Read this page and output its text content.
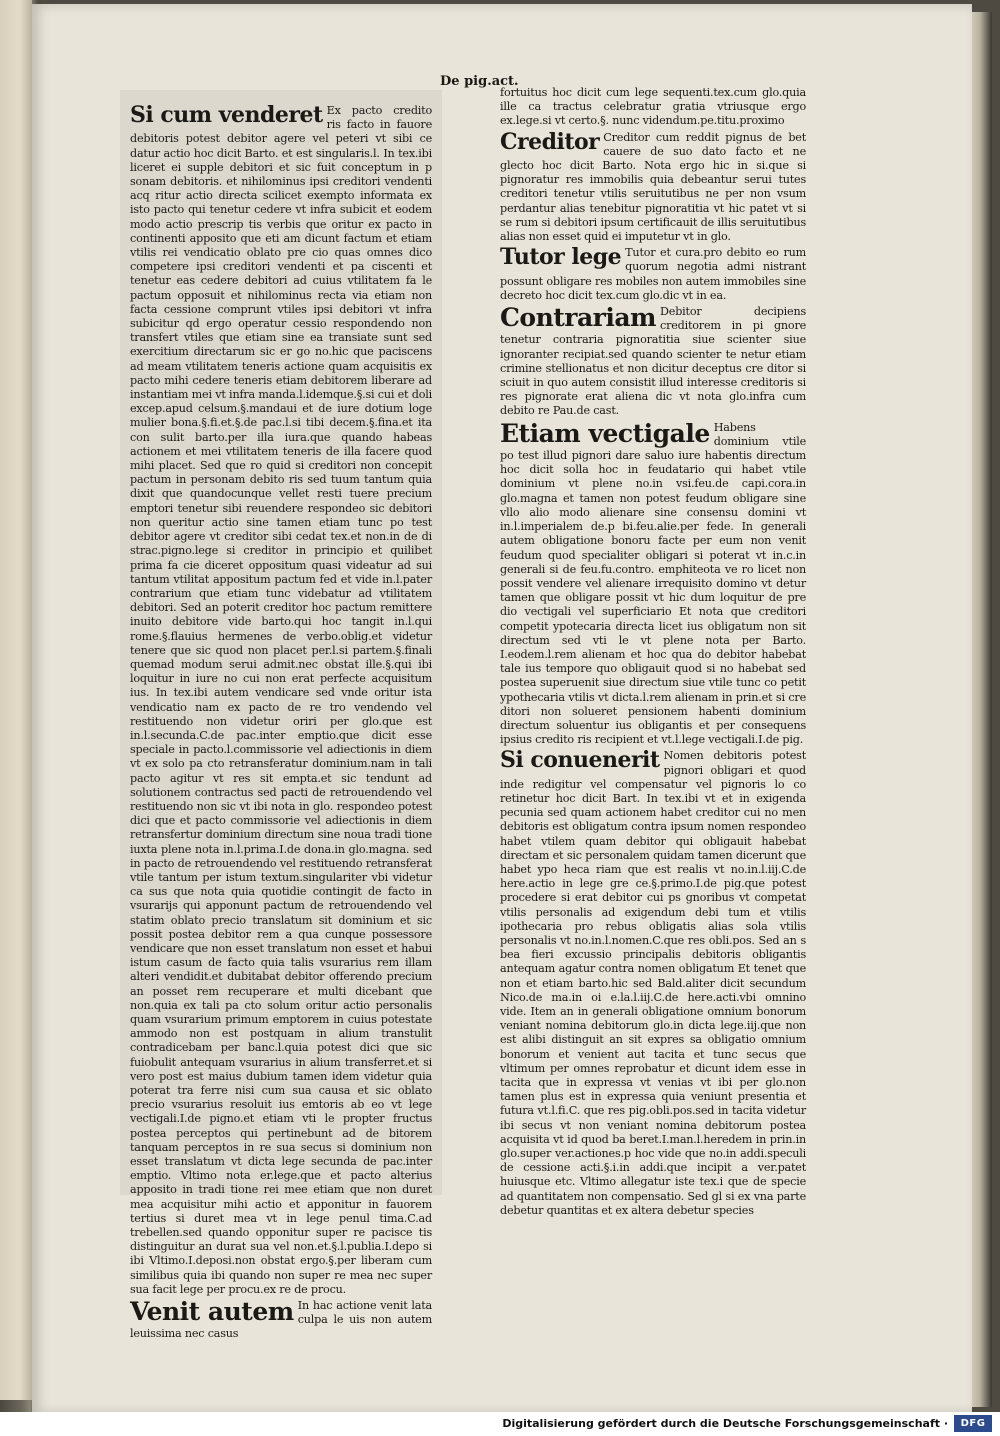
De pig.act.
Si cum venderet Ex pacto credito ris facto in fauore debitoris potest debitor agere vel peteri vt sibi ce datur actio hoc dicit Barto. et est singularis.l. In tex.ibi liceret ei supple debitori et sic fuit conceptum in p sonam debitoris. et nihilominus ipsi creditori vendenti acq ritur actio directa scilicet exempto informata ex isto pacto qui tenetur cedere vt infra subicit et eodem modo actio prescrip tis verbis que oritur ex pacto in continenti apposito que eti am dicunt factum et etiam vtilis rei vendicatio oblato pre cio quas omnes dico competere ipsi creditori vendenti et pa ciscenti et tenetur eas cedere debitori ad cuius vtilitatem fa le pactum opposuit et nihilominus recta via etiam non facta cessione comprunt vtiles ipsi debitori vt infra subicitur qd ergo operatur cessio respondendo non transfert vtiles que etiam sine ea transiate sunt sed exercitium directarum sic er go no.hic que paciscens ad meam vtilitatem teneris actione quam acquisitis ex pacto mihi cedere teneris etiam debitorem liberare ad instantiam mei vt infra manda.l.idemque.§.si cui et doli excep.apud celsum.§.mandaui et de iure dotium loge mulier bona.§.fi.et.§.de pac.l.si tibi decem.§.fina.et ita con sulit barto.per illa iura.que quando habeas actionem et mei vtilitatem teneris de illa facere quod mihi placet. Sed que ro quid si creditori non concepit pactum in personam debito ris sed tuum tantum quia dixit que quandocunque vellet resti tuere precium emptori tenetur sibi reuendere respondeo sic debitori non queritur actio sine tamen etiam tunc po test debitor agere vt creditor sibi cedat tex.et non.in de di strac.pigno.lege si creditor in principio et quilibet prima fa cie diceret oppositum quasi videatur ad sui tantum vtilitat appositum pactum fed et vide in.l.pater contrarium que etiam tunc videbatur ad vtilitatem debitori. Sed an poterit creditor hoc pactum remittere inuito debitore vide barto.qui hoc tangit in.l.qui rome.§.flauius hermenes de verbo.oblig.et videtur tenere que sic quod non placet per.l.si partem.§.finali quemad modum serui admit.nec obstat ille.§.qui ibi loquitur in iure no cui non erat perfecte acquisitum ius. In tex.ibi autem vendicare sed vnde oritur ista vendicatio nam ex pacto de re tro vendendo vel restituendo non videtur oriri per glo.que est in.l.secunda.C.de pac.inter emptio.que dicit esse speciale in pacto.l.commissorie vel adiectionis in diem vt ex solo pa cto retransferatur dominium.nam in tali pacto agitur vt res sit empta.et sic tendunt ad solutionem contractus sed pacti de retrouendendo vel restituendo non sic vt ibi nota in glo. respondeo potest dici que et pacto commissorie vel adiectionis in diem retransfertur dominium directum sine noua tradi tione iuxta plene nota in.l.prima.I.de dona.in glo.magna. sed in pacto de retrouendendo vel restituendo retransferat vtile tantum per istum textum.singulariter vbi videtur ca sus que nota quia quotidie contingit de facto in vsurarijs qui apponunt pactum de retrouendendo vel statim oblato precio translatum sit dominium et sic possit postea debitor rem a qua cunque possessore vendicare que non esset translatum non esset et habui istum casum de facto quia talis vsurarius rem illam alteri vendidit.et dubitabat debitor offerendo precium an posset rem recuperare et multi dicebant que non.quia ex tali pa cto solum oritur actio personalis quam vsurarium primum emptorem in cuius potestate ammodo non est postquam in alium transtulit contradicebam per banc.l.quia potest dici que sic fuiobulit antequam vsurarius in alium transferret.et si vero post est maius dubium tamen idem videtur quia poterat tra ferre nisi cum sua causa et sic oblato precio vsurarius resoluit ius emtoris ab eo vt lege vectigali.I.de pigno.et etiam vti le propter fructus postea perceptos qui pertinebunt ad de bitorem tanquam perceptos in re sua secus si dominium non esset translatum vt dicta lege secunda de pac.inter emptio. Vltimo nota er.lege.que et pacto alterius apposito in tradi tione rei mee etiam que non duret mea acquisitur mihi actio et apponitur in fauorem tertius si duret mea vt in lege penul tima.C.ad trebellen.sed quando opponitur super re pacisce tis distinguitur an durat sua vel non.et.§.l.publia.I.depo si ibi Vltimo.I.deposi.non obstat ergo.§.per liberam cum similibus quia ibi quando non super re mea nec super sua facit lege per procu.ex re de procu.
Venit autem In hac actione venit lata culpa le uis non autem leuissima nec casus
fortuitus hoc dicit cum lege sequenti.tex.cum glo.quia ille ca tractus celebratur gratia vtriusque ergo ex.lege.si vt certo.§. nunc videndum.pe.titu.proximo
Creditor Creditor cum reddit pignus de bet cauere de suo dato facto et ne glecto hoc dicit Barto. Nota ergo hic in si.que si pignoratur res immobilis quia debeantur serui tutes creditori tenetur vtilis seruitutibus ne per non vsum perdantur alias tenebitur pignoratitia vt hic patet vt si se rum si debitori ipsum certificauit de illis seruitutibus alias non esset quid ei imputetur vt in glo.
Tutor lege Tutor et cura.pro debito eo rum quorum negotia admi nistrant possunt obligare res mobiles non autem immobiles sine decreto hoc dicit tex.cum glo.dic vt in ea.
Contrariam Debitor decipiens creditorem in pi gnore tenetur contraria pignoratitia siue scienter siue ignoranter recipiat.sed quando scienter te netur etiam crimine stellionatus et non dicitur deceptus cre ditor si sciuit in quo autem consistit illud interesse creditoris si res pignorate erat aliena dic vt nota glo.infra cum debito re Pau.de cast.
Etiam vectigale Habens dominium vtile po test illud pignori dare saluo iure habentis directum hoc dicit solla hoc in feudatario qui habet vtile dominium vt plene no.in vsi.feu.de capi.cora.in glo.magna et tamen non potest feudum obligare sine vllo alio modo alienare sine consensu domini vt in.l.imperialem de.p bi.feu.alie.per fede. In generali autem obligatione bonoru facte per eum non venit feudum quod specialiter obligari si poterat vt in.c.in generali si de feu.fu.contro. emphiteota ve ro licet non possit vendere vel alienare irrequisito domino vt detur tamen que obligare possit vt hic dum loquitur de pre dio vectigali vel superficiario Et nota que creditori competit ypotecaria directa licet ius obligatum non sit directum sed vti le vt plene nota per Barto. I.eodem.l.rem alienam et hoc qua do debitor habebat tale ius tempore quo obligauit quod si no habebat sed postea superuenit siue directum siue vtile tunc co petit ypothecaria vtilis vt dicta.l.rem alienam in prin.et si cre ditori non solueret pensionem habenti dominium directum soluentur ius obligantis et per consequens ipsius credito ris recipient et vt.l.lege vectigali.I.de pig.
Si conuenerit Nomen debitoris potest pignori obligari et quod inde redigitur vel compensatur vel pignoris lo co retinetur hoc dicit Bart. In tex.ibi vt et in exigenda pecunia sed quam actionem habet creditor cui no men debitoris est obligatum contra ipsum nomen respondeo habet vtilem quam debitor qui obligauit habebat directam et sic personalem quidam tamen dicerunt que habet ypo heca riam que est realis vt no.in.l.iij.C.de here.actio in lege gre ce.§.primo.I.de pig.que potest procedere si erat debitor cui ps gnoribus vt competat vtilis personalis ad exigendum debi tum et vtilis ipothecaria pro rebus obligatis alias sola vtilis personalis vt no.in.l.nomen.C.que res obli.pos. Sed an s bea fieri excussio principalis debitoris obligantis antequam agatur contra nomen obligatum Et tenet que non et etiam barto.hic sed Bald.aliter dicit secundum Nico.de ma.in oi e.la.l.iij.C.de here.acti.vbi omnino vide. Item an in generali obligatione omnium bonorum veniant nomina debitorum glo.in dicta lege.iij.que non est alibi distinguit an sit expres sa obligatio omnium bonorum et venient aut tacita et tunc secus que vltimum per omnes reprobatur et dicunt idem esse in tacita que in expressa vt venias vt ibi per glo.non tamen plus est in expressa quia veniunt presentia et futura vt.l.fi.C. que res pig.obli.pos.sed in tacita videtur ibi secus vt non veniant nomina debitorum postea acquisita vt id quod ba beret.I.man.l.heredem in prin.in glo.super ver.actiones.p hoc vide que no.in addi.speculi de cessione acti.§.i.in addi.que incipit a ver.patet huiusque etc. Vltimo allegatur iste tex.i que de specie ad quantitatem non compensatio. Sed gl si ex vna parte debetur quantitas et ex altera debetur species
Digitalisierung gefördert durch die Deutsche Forschungsgemeinschaft ·	DFG
